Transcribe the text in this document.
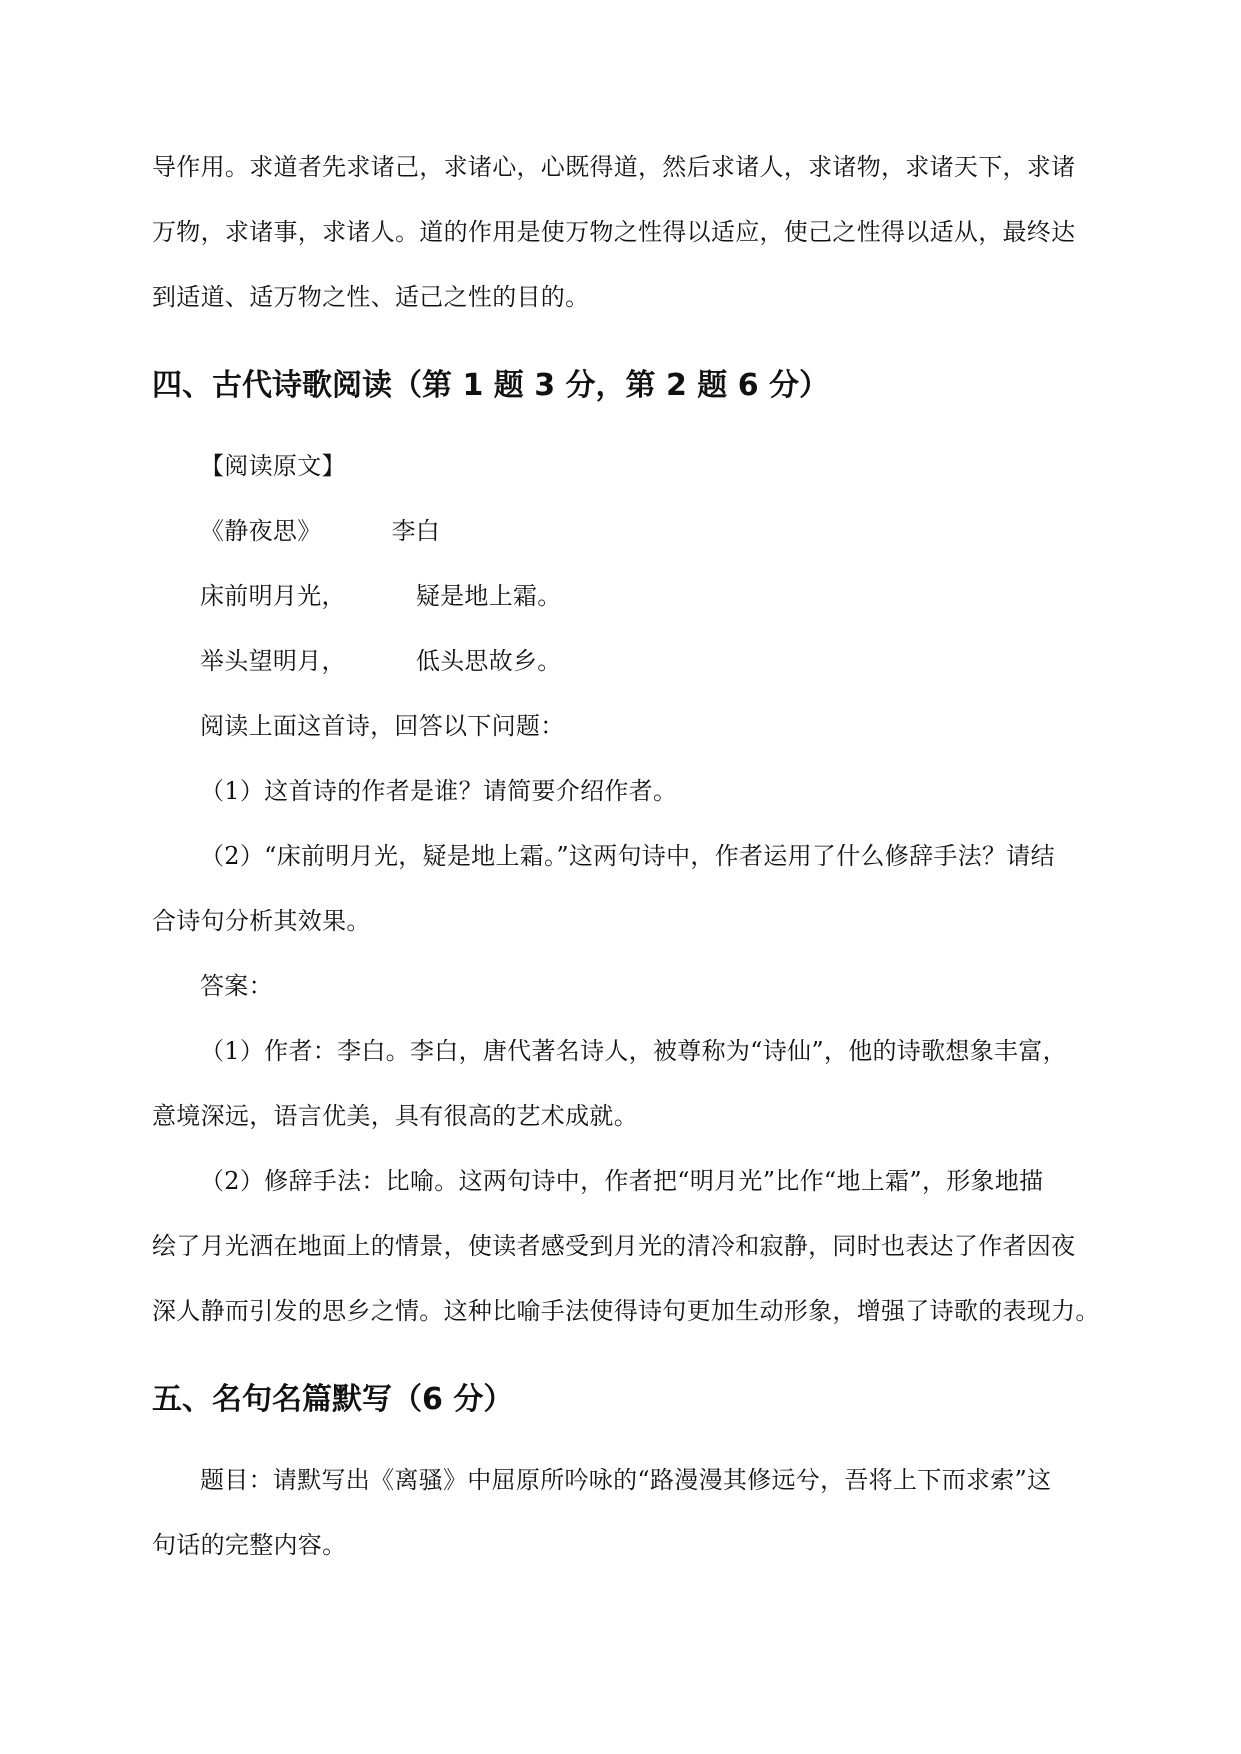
导作用。求道者先求诸己，求诸心，心既得道，然后求诸人，求诸物，求诸天下，求诸
万物，求诸事，求诸人。道的作用是使万物之性得以适应，使己之性得以适从，最终达
到适道、适万物之性、适己之性的目的。
四、古代诗歌阅读（第 1 题 3 分，第 2 题 6 分）
【阅读原文】
《静夜思》	李白
床前明月光，	疑是地上霜。
举头望明月，	低头思故乡。
阅读上面这首诗，回答以下问题：
（1）这首诗的作者是谁？请简要介绍作者。
（2）“床前明月光，疑是地上霜。”这两句诗中，作者运用了什么修辞手法？请结
合诗句分析其效果。
答案：
（1）作者：李白。李白，唐代著名诗人，被尊称为“诗仙”，他的诗歌想象丰富，
意境深远，语言优美，具有很高的艺术成就。
（2）修辞手法：比喻。这两句诗中，作者把“明月光”比作“地上霜”，形象地描
绘了月光洒在地面上的情景，使读者感受到月光的清冷和寂静，同时也表达了作者因夜
深人静而引发的思乡之情。这种比喻手法使得诗句更加生动形象，增强了诗歌的表现力。
五、名句名篇默写（6 分）
题目：请默写出《离骚》中屈原所吟咏的“路漫漫其修远兮，吾将上下而求索”这
句话的完整内容。
